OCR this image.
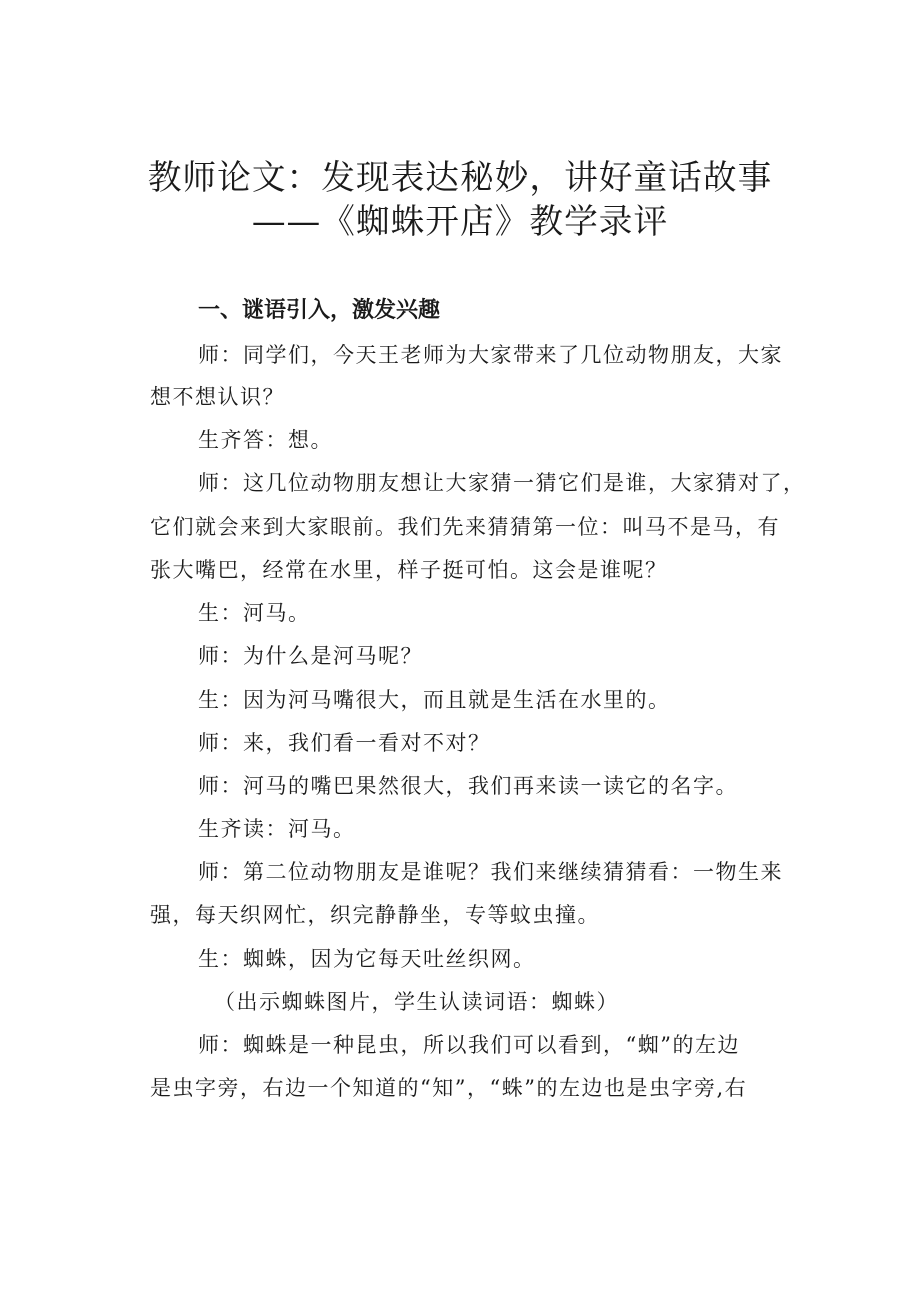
教师论文：发现表达秘妙，讲好童话故事
——《蜘蛛开店》教学录评
一、谜语引入，激发兴趣
师：同学们，今天王老师为大家带来了几位动物朋友，大家
想不想认识？
生齐答：想。
师：这几位动物朋友想让大家猜一猜它们是谁，大家猜对了，
它们就会来到大家眼前。我们先来猜猜第一位：叫马不是马，有
张大嘴巴，经常在水里，样子挺可怕。这会是谁呢？
生：河马。
师：为什么是河马呢？
生：因为河马嘴很大，而且就是生活在水里的。
师：来，我们看一看对不对？
师：河马的嘴巴果然很大，我们再来读一读它的名字。
生齐读：河马。
师：第二位动物朋友是谁呢？我们来继续猜猜看：一物生来
强，每天织网忙，织完静静坐，专等蚊虫撞。
生：蜘蛛，因为它每天吐丝织网。
（出示蜘蛛图片，学生认读词语：蜘蛛）
师：蜘蛛是一种昆虫，所以我们可以看到，“蜘”的左边
是虫字旁，右边一个知道的“知”，“蛛”的左边也是虫字旁,右
